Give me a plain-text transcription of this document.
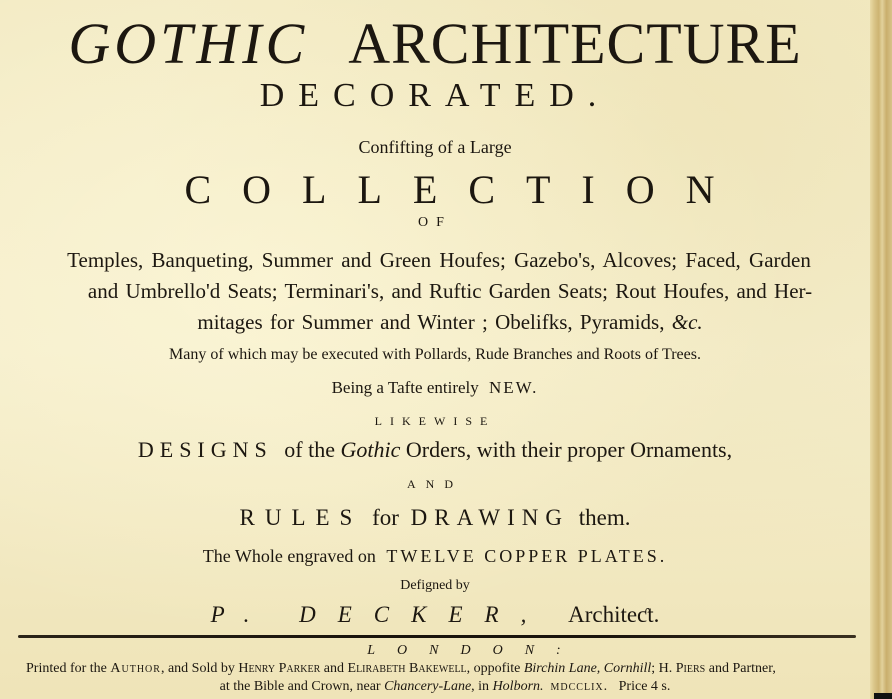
GOTHIC ARCHITECTURE
DECORATED.
Confifting of a Large
COLLECTION
OF
Temples, Banqueting, Summer and Green Houfes; Gazebo's, Alcoves; Faced, Garden
and Umbrello'd Seats; Terminari's, and Ruftic Garden Seats; Rout Houfes, and Her-
mitages for Summer and Winter ; Obelifks, Pyramids, &c.
Many of which may be executed with Pollards, Rude Branches and Roots of Trees.
Being a Tafte entirely NEW.
LIKEWISE
DESIGNS of the Gothic Orders, with their proper Ornaments,
AND
RULES for DRAWING them.
The Whole engraved on TWELVE COPPER PLATES.
Defigned by
P. DECKER, Architeƈt.
LONDON:
Printed for the Author, and Sold by Henry Parker and Elirabeth Bakewell, oppofite Birchin Lane, Cornhill; H. Piers and Partner,
at the Bible and Crown, near Chancery-Lane, in Holborn. mdcclix. Price 4 s.
